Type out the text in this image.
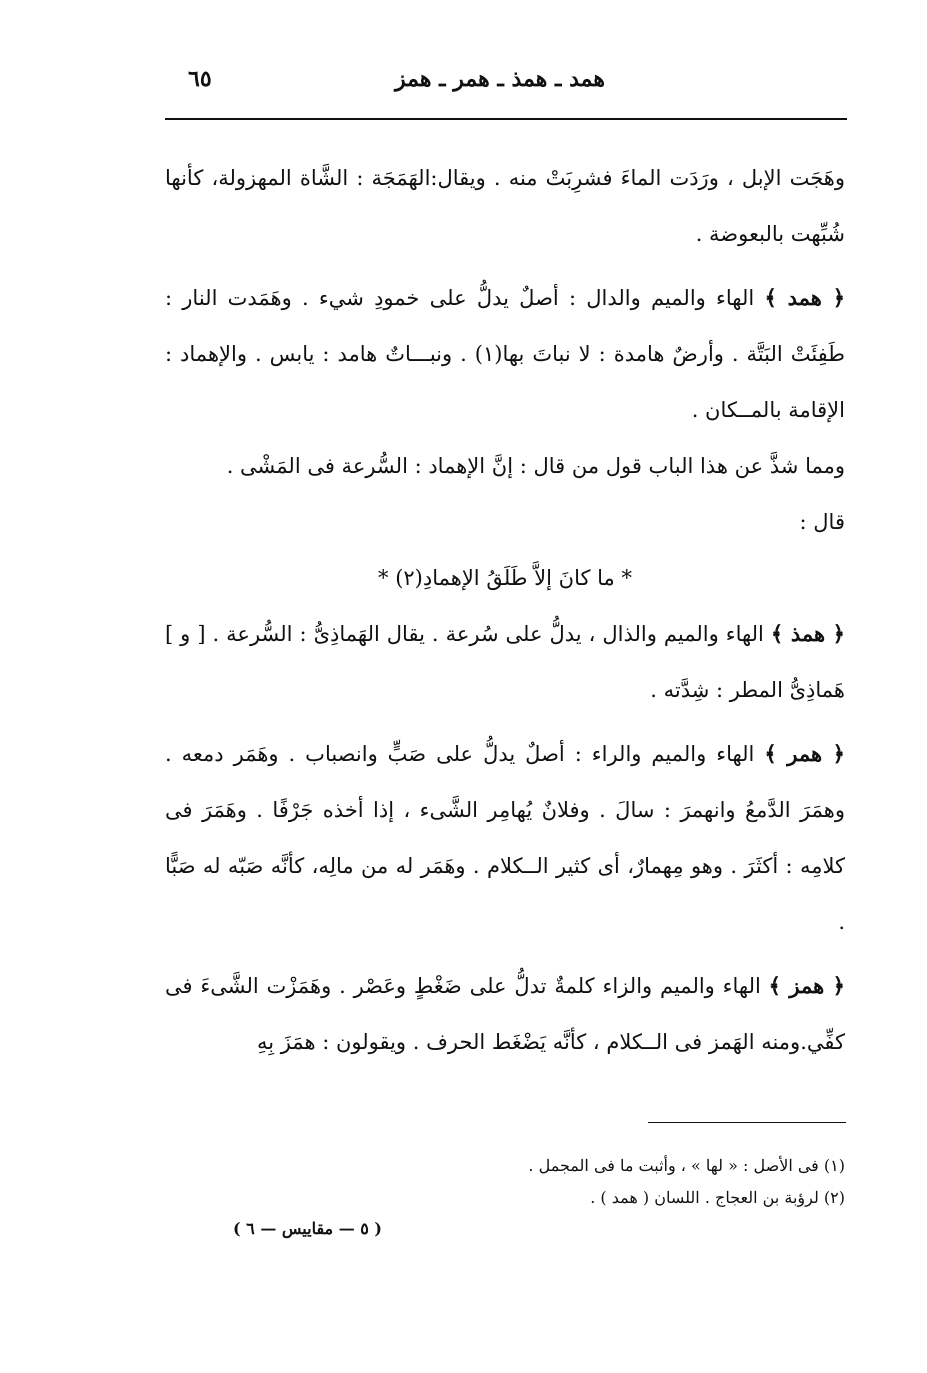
همد ـ همذ ـ همر ـ همز
٦٥

وهَجَت الإبل ، ورَدَت الماءَ فشرِبَتْ منه . ويقال:الهَمَجَة : الشَّاة المهزولة، كأنها شُبِّهت بالبعوضة .

﴿ همد ﴾ الهاء والميم والدال : أصلٌ يدلُّ على خمودِ شيء . وهَمَدت النار : طَفِئَتْ البَتَّة . وأرضٌ هامدة : لا نباتَ بها(١) . ونبـــاتٌ هامد : يابس . والإهماد : الإقامة بالمــكان .

ومما شذَّ عن هذا الباب قول من قال : إنَّ الإهماد : السُّرعة فى المَشْى .

قال :

* ما كانَ إلاَّ طَلَقُ الإهمادِ(٢) *

﴿ همذ ﴾ الهاء والميم والذال ، يدلُّ على سُرعة . يقال الهَماذِىُّ : السُّرعة . [ و ] هَماذِىُّ المطر : شِدَّته .

﴿ همر ﴾ الهاء والميم والراء : أصلٌ يدلُّ على صَبٍّ وانصباب . وهَمَر دمعه . وهمَرَ الدَّمعُ وانهمرَ : سالَ . وفلانٌ يُهامِر الشَّىء ، إذا أخذه جَرْفًا . وهَمَرَ فى كلامِه : أكثَرَ . وهو مِهمارٌ، أى كثير الــكلام . وهَمَر له من مالِه، كأنَّه صَبّه له صَبًّا .

﴿ همز ﴾ الهاء والميم والزاء كلمةٌ تدلُّ على ضَغْطٍ وعَصْر . وهَمَزْت الشَّىءَ فى كفِّي.ومنه الهَمز فى الــكلام ، كأنَّه يَضْغَط الحرف . ويقولون : همَزَ بِهِ

(١) فى الأصل : « لها » ، وأثبت ما فى المجمل .

(٢) لرؤبة بن العجاج . اللسان ( همد ) .

( ٥ — مقاييس — ٦ )
